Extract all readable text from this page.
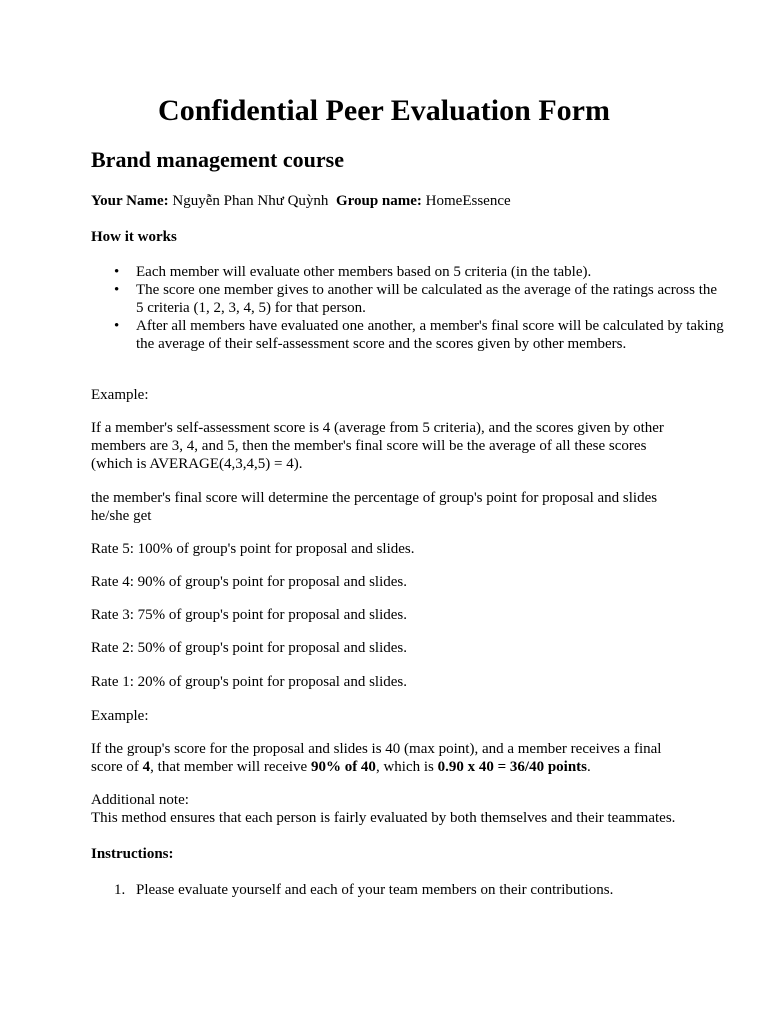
Confidential Peer Evaluation Form
Brand management course

Your Name: Nguyễn Phan Như Quỳnh Group name: HomeEssence

How it works

• Each member will evaluate other members based on 5 criteria (in the table).
• The score one member gives to another will be calculated as the average of the ratings across the 5 criteria (1, 2, 3, 4, 5) for that person.
• After all members have evaluated one another, a member's final score will be calculated by taking the average of their self-assessment score and the scores given by other members.

Example:

If a member's self-assessment score is 4 (average from 5 criteria), and the scores given by other members are 3, 4, and 5, then the member's final score will be the average of all these scores (which is AVERAGE(4,3,4,5) = 4).

the member's final score will determine the percentage of group's point for proposal and slides he/she get

Rate 5: 100% of group's point for proposal and slides.

Rate 4: 90% of group's point for proposal and slides.

Rate 3: 75% of group's point for proposal and slides.

Rate 2: 50% of group's point for proposal and slides.

Rate 1: 20% of group's point for proposal and slides.

Example:

If the group's score for the proposal and slides is 40 (max point), and a member receives a final score of 4, that member will receive 90% of 40, which is 0.90 x 40 = 36/40 points.

Additional note:
This method ensures that each person is fairly evaluated by both themselves and their teammates.

Instructions:

1. Please evaluate yourself and each of your team members on their contributions.
